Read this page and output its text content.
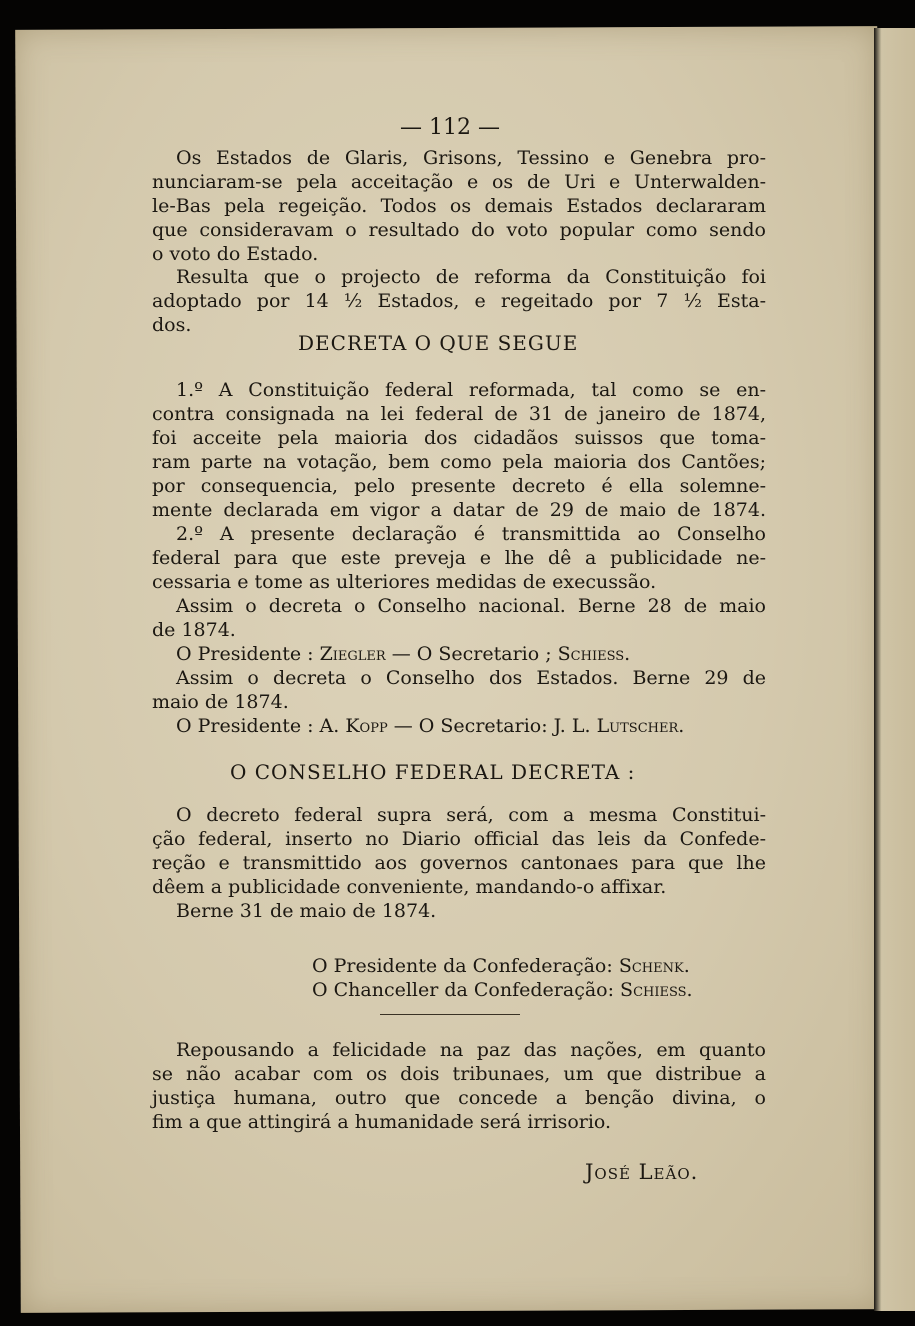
— 112 —
Os Estados de Glaris, Grisons, Tessino e Genebra pro-
nunciaram-se pela acceitação e os de Uri e Unterwalden-
le-Bas pela regeição. Todos os demais Estados declararam
que consideravam o resultado do voto popular como sendo
o voto do Estado.
Resulta que o projecto de reforma da Constituição foi
adoptado por 14 ½ Estados, e regeitado por 7 ½ Esta-
dos.
DECRETA O QUE SEGUE
1.º A Constituição federal reformada, tal como se en-
contra consignada na lei federal de 31 de janeiro de 1874,
foi acceite pela maioria dos cidadãos suissos que toma-
ram parte na votação, bem como pela maioria dos Cantões;
por consequencia, pelo presente decreto é ella solemne-
mente declarada em vigor a datar de 29 de maio de 1874.
2.º A presente declaração é transmittida ao Conselho
federal para que este preveja e lhe dê a publicidade ne-
cessaria e tome as ulteriores medidas de execussão.
Assim o decreta o Conselho nacional. Berne 28 de maio
de 1874.
O Presidente : Ziegler — O Secretario ; Schiess.
Assim o decreta o Conselho dos Estados. Berne 29 de
maio de 1874.
O Presidente : A. Kopp — O Secretario: J. L. Lutscher.
O CONSELHO FEDERAL DECRETA :
O decreto federal supra será, com a mesma Constitui-
ção federal, inserto no Diario official das leis da Confede-
reção e transmittido aos governos cantonaes para que lhe
dêem a publicidade conveniente, mandando-o affixar.
Berne 31 de maio de 1874.
O Presidente da Confederação: Schenk.
O Chanceller da Confederação: Schiess.
Repousando a felicidade na paz das nações, em quanto
se não acabar com os dois tribunaes, um que distribue a
justiça humana, outro que concede a benção divina, o
fim a que attingirá a humanidade será irrisorio.
José Leão.
